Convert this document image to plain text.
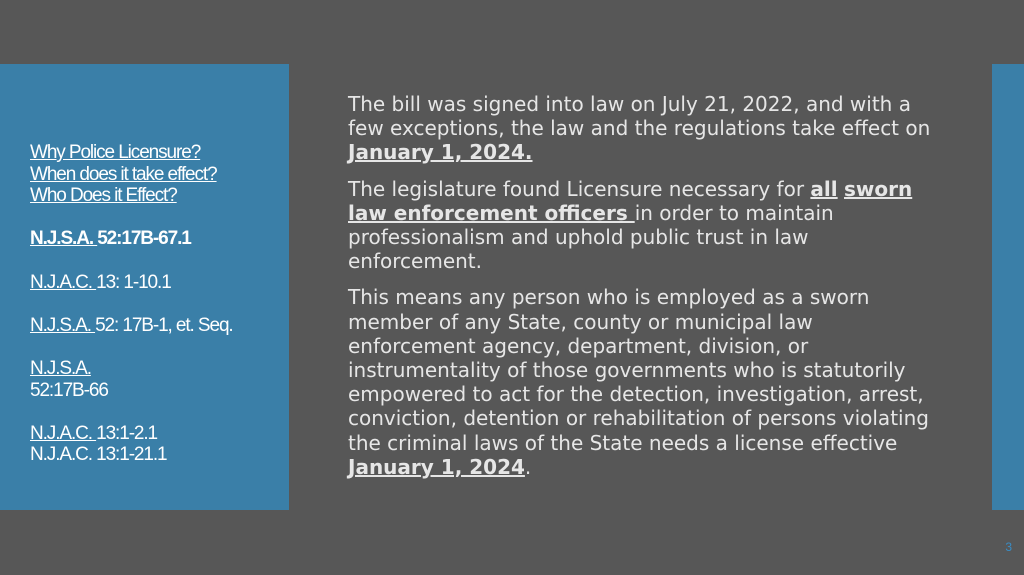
Why Police Licensure?
When does it take effect?
Who Does it Effect?
N.J.S.A. 52:17B-67.1
N.J.A.C. 13: 1-10.1
N.J.S.A. 52: 17B-1, et. Seq.
N.J.S.A.
52:17B-66
N.J.A.C. 13:1-2.1
N.J.A.C. 13:1-21.1
The bill was signed into law on July 21, 2022, and with a few exceptions, the law and the regulations take effect on January 1, 2024.
The legislature found Licensure necessary for all sworn law enforcement officers in order to maintain professionalism and uphold public trust in law enforcement.
This means any person who is employed as a sworn member of any State, county or municipal law enforcement agency, department, division, or instrumentality of those governments who is statutorily empowered to act for the detection, investigation, arrest, conviction, detention or rehabilitation of persons violating the criminal laws of the State needs a license effective January 1, 2024.
3
